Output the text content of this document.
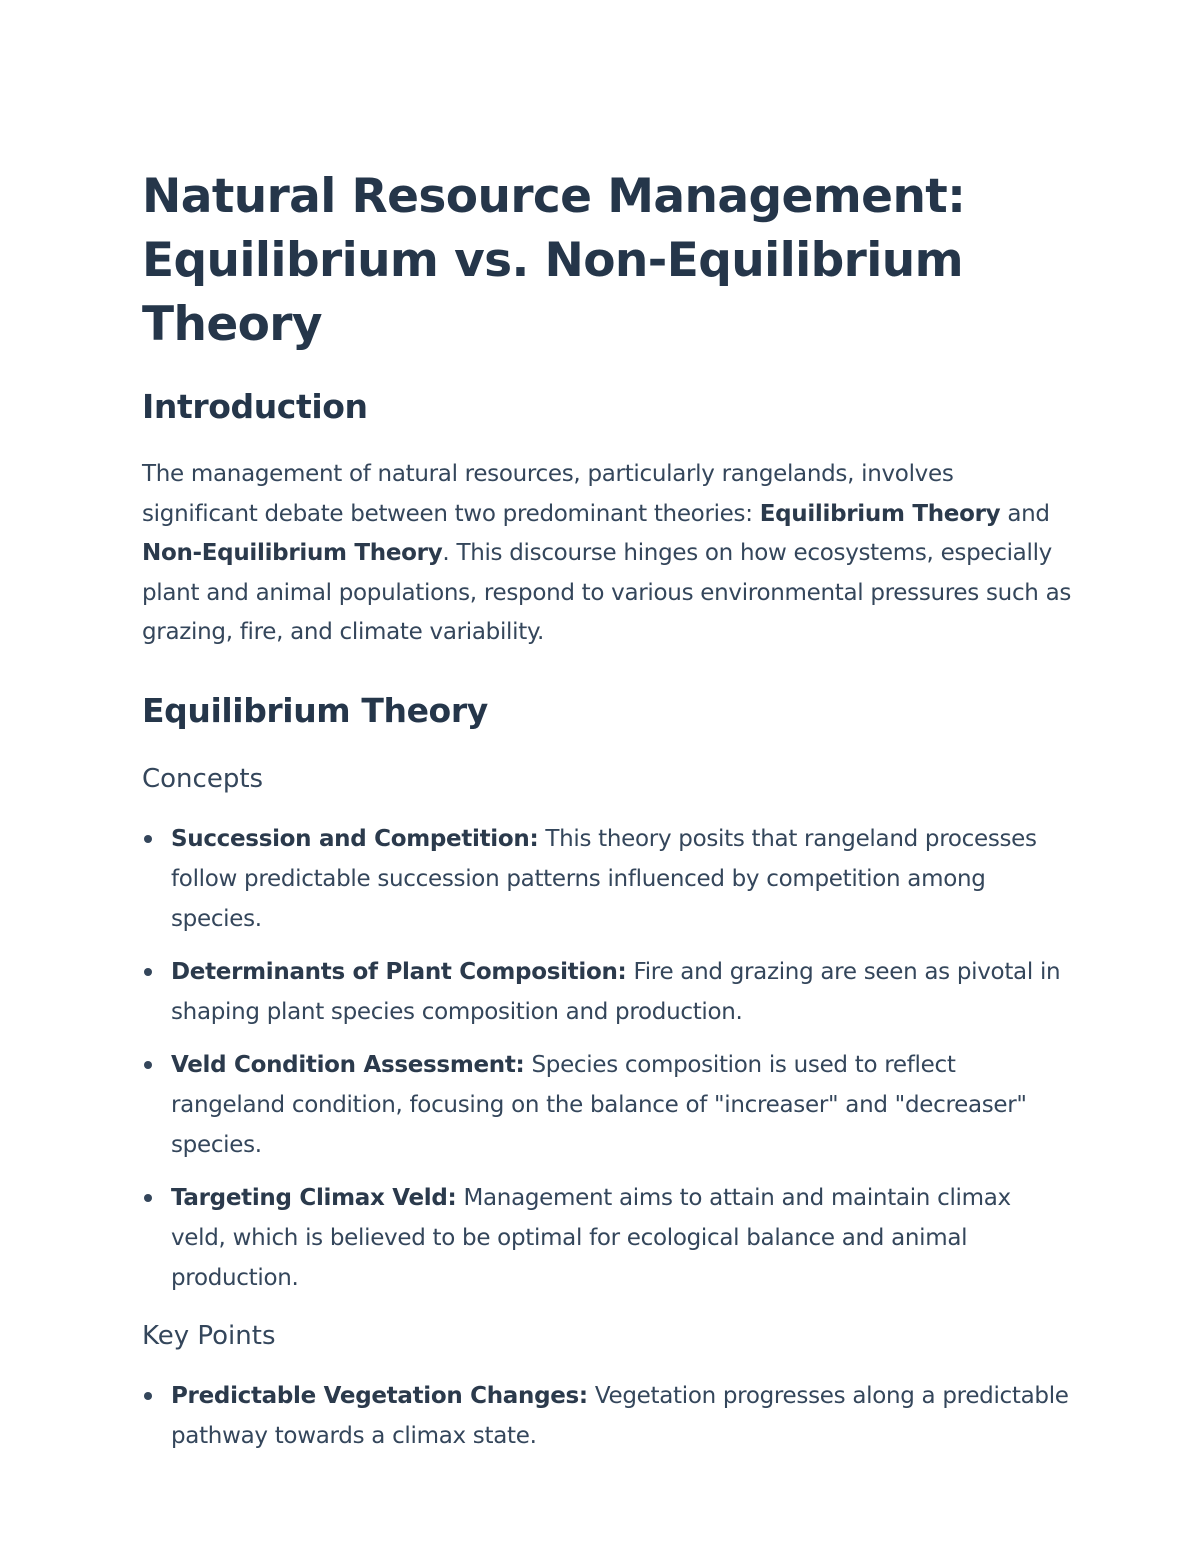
Natural Resource Management:
Equilibrium vs. Non-Equilibrium Theory
Introduction

The management of natural resources, particularly rangelands, involves significant debate between two predominant theories: Equilibrium Theory and Non-Equilibrium Theory. This discourse hinges on how ecosystems, especially plant and animal populations, respond to various environmental pressures such as grazing, fire, and climate variability.

Equilibrium Theory
Concepts
Succession and Competition: This theory posits that rangeland processes follow predictable succession patterns influenced by competition among species.
Determinants of Plant Composition: Fire and grazing are seen as pivotal in shaping plant species composition and production.
Veld Condition Assessment: Species composition is used to reflect rangeland condition, focusing on the balance of "increaser" and "decreaser" species.
Targeting Climax Veld: Management aims to attain and maintain climax veld, which is believed to be optimal for ecological balance and animal production.
Key Points
Predictable Vegetation Changes: Vegetation progresses along a predictable pathway towards a climax state.
